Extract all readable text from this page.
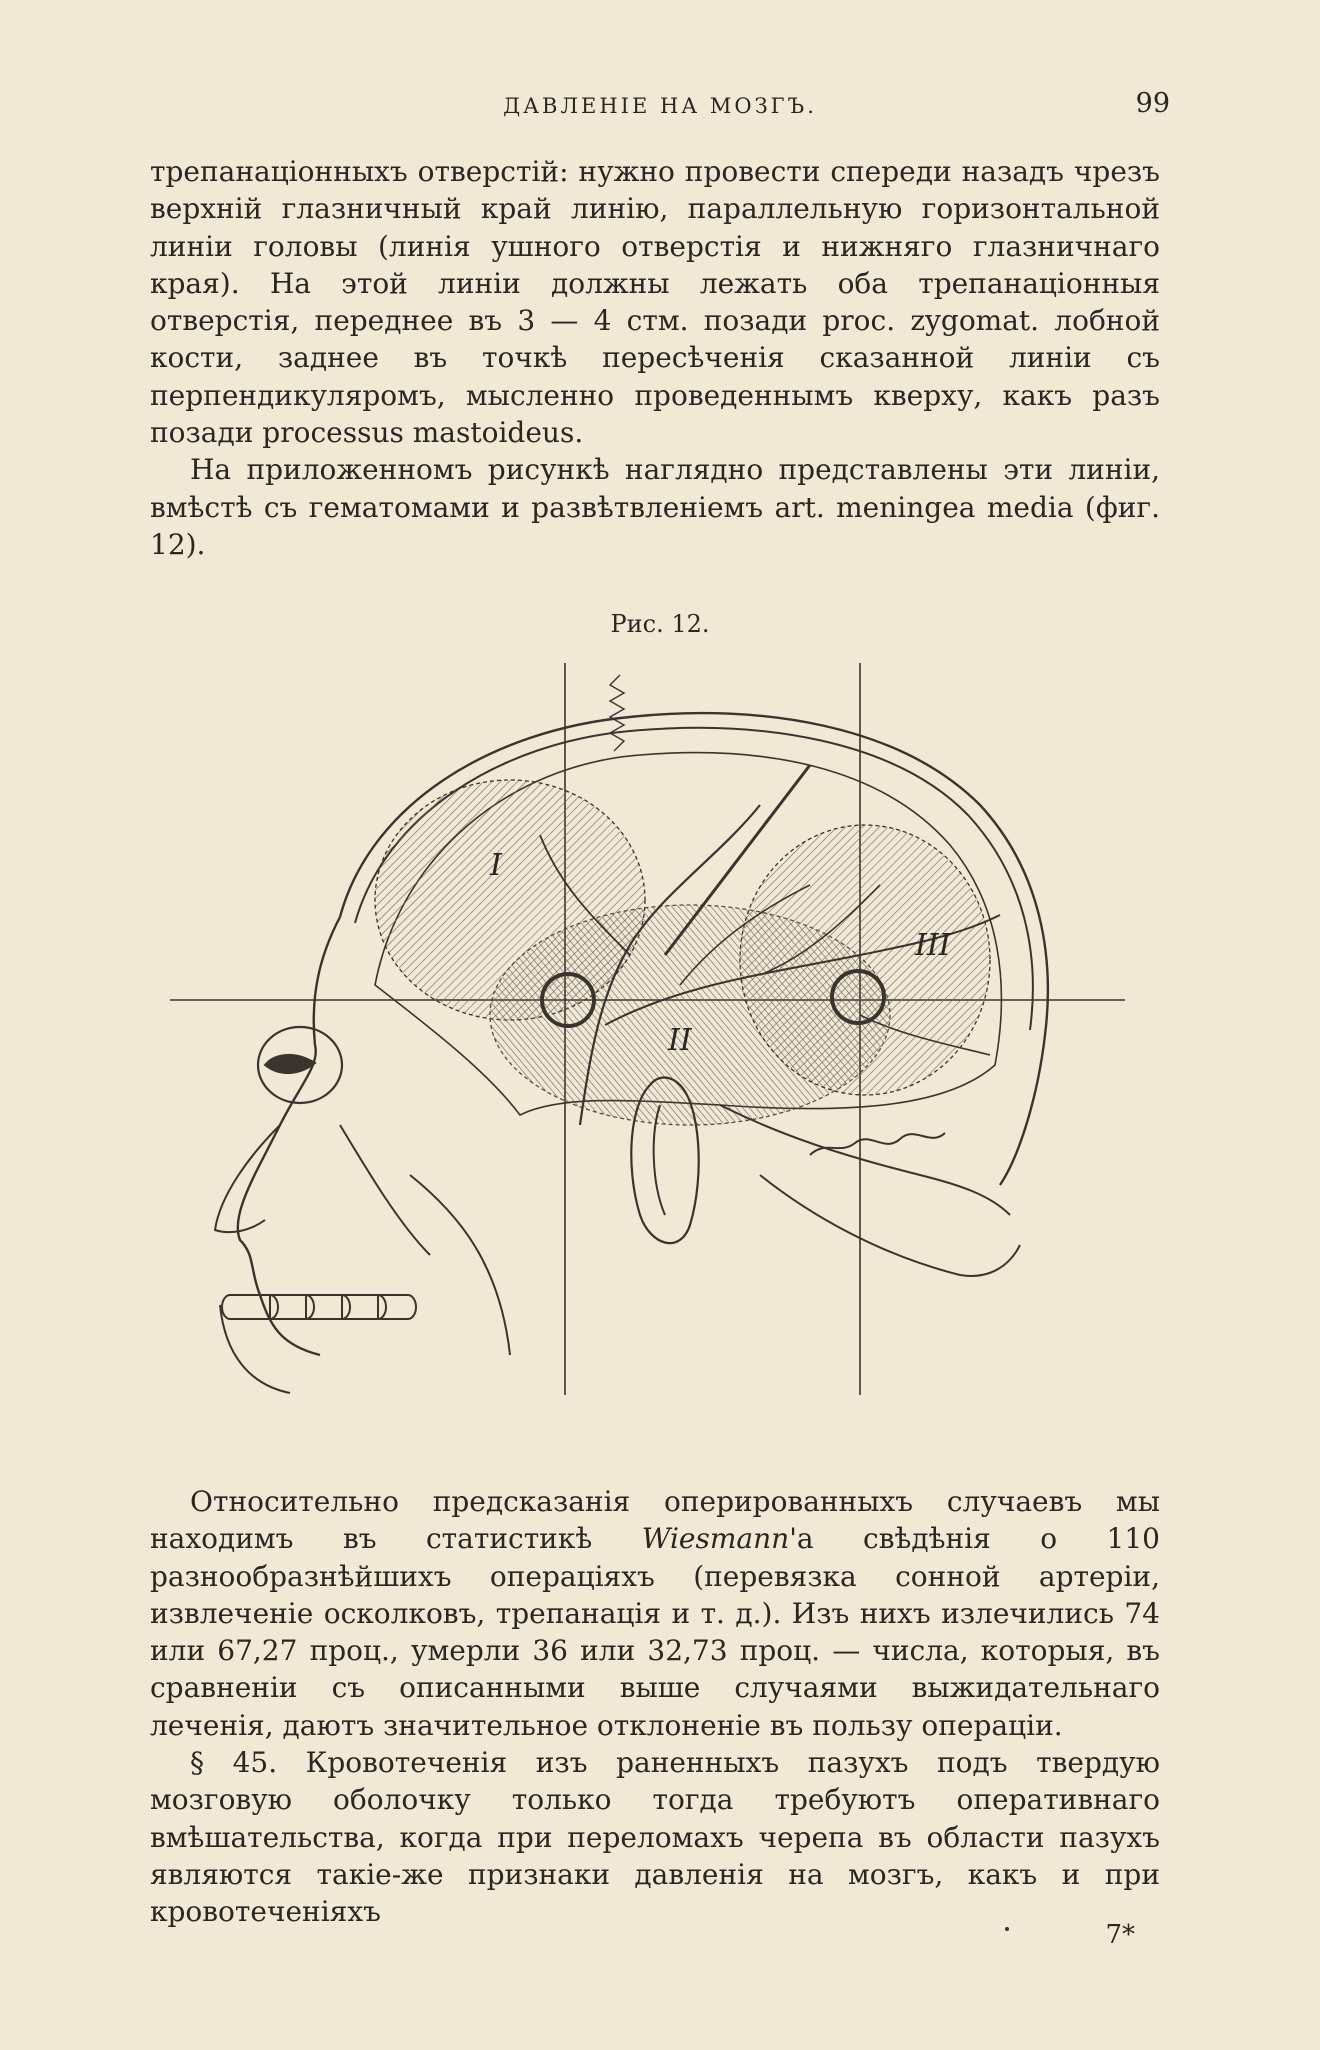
ДАВЛЕНІЕ НА МОЗГЪ.	99

трепанаціонныхъ отверстій: нужно провести спереди назадъ чрезъ верхній глазничный край линію, параллельную горизонтальной линіи головы (линія ушного отверстія и нижняго глазничнаго края). На этой линіи должны лежать оба трепанаціонныя отверстія, переднее въ 3 — 4 стм. позади proc. zygomat. лобной кости, заднее въ точкѣ пересѣченія сказанной линіи съ перпендикуляромъ, мысленно проведеннымъ кверху, какъ разъ позади processus mastoideus.

На приложенномъ рисункѣ наглядно представлены эти линіи, вмѣстѣ съ гематомами и развѣтвленіемъ art. meningea media (фиг. 12).

Рис. 12.
I
II
III

Относительно предсказанія оперированныхъ случаевъ мы находимъ въ статистикѣ Wiesmann'а свѣдѣнія о 110 разнообразнѣйшихъ операціяхъ (перевязка сонной артеріи, извлеченіе осколковъ, трепанація и т. д.). Изъ нихъ излечились 74 или 67,27 проц., умерли 36 или 32,73 проц. — числа, которыя, въ сравненіи съ описанными выше случаями выжидательнаго леченія, даютъ значительное отклоненіе въ пользу операціи.

§ 45. Кровотеченія изъ раненныхъ пазухъ подъ твердую мозговую оболочку только тогда требуютъ оперативнаго вмѣшательства, когда при переломахъ черепа въ области пазухъ являются такіе-же признаки давленія на мозгъ, какъ и при кровотеченіяхъ

7*
